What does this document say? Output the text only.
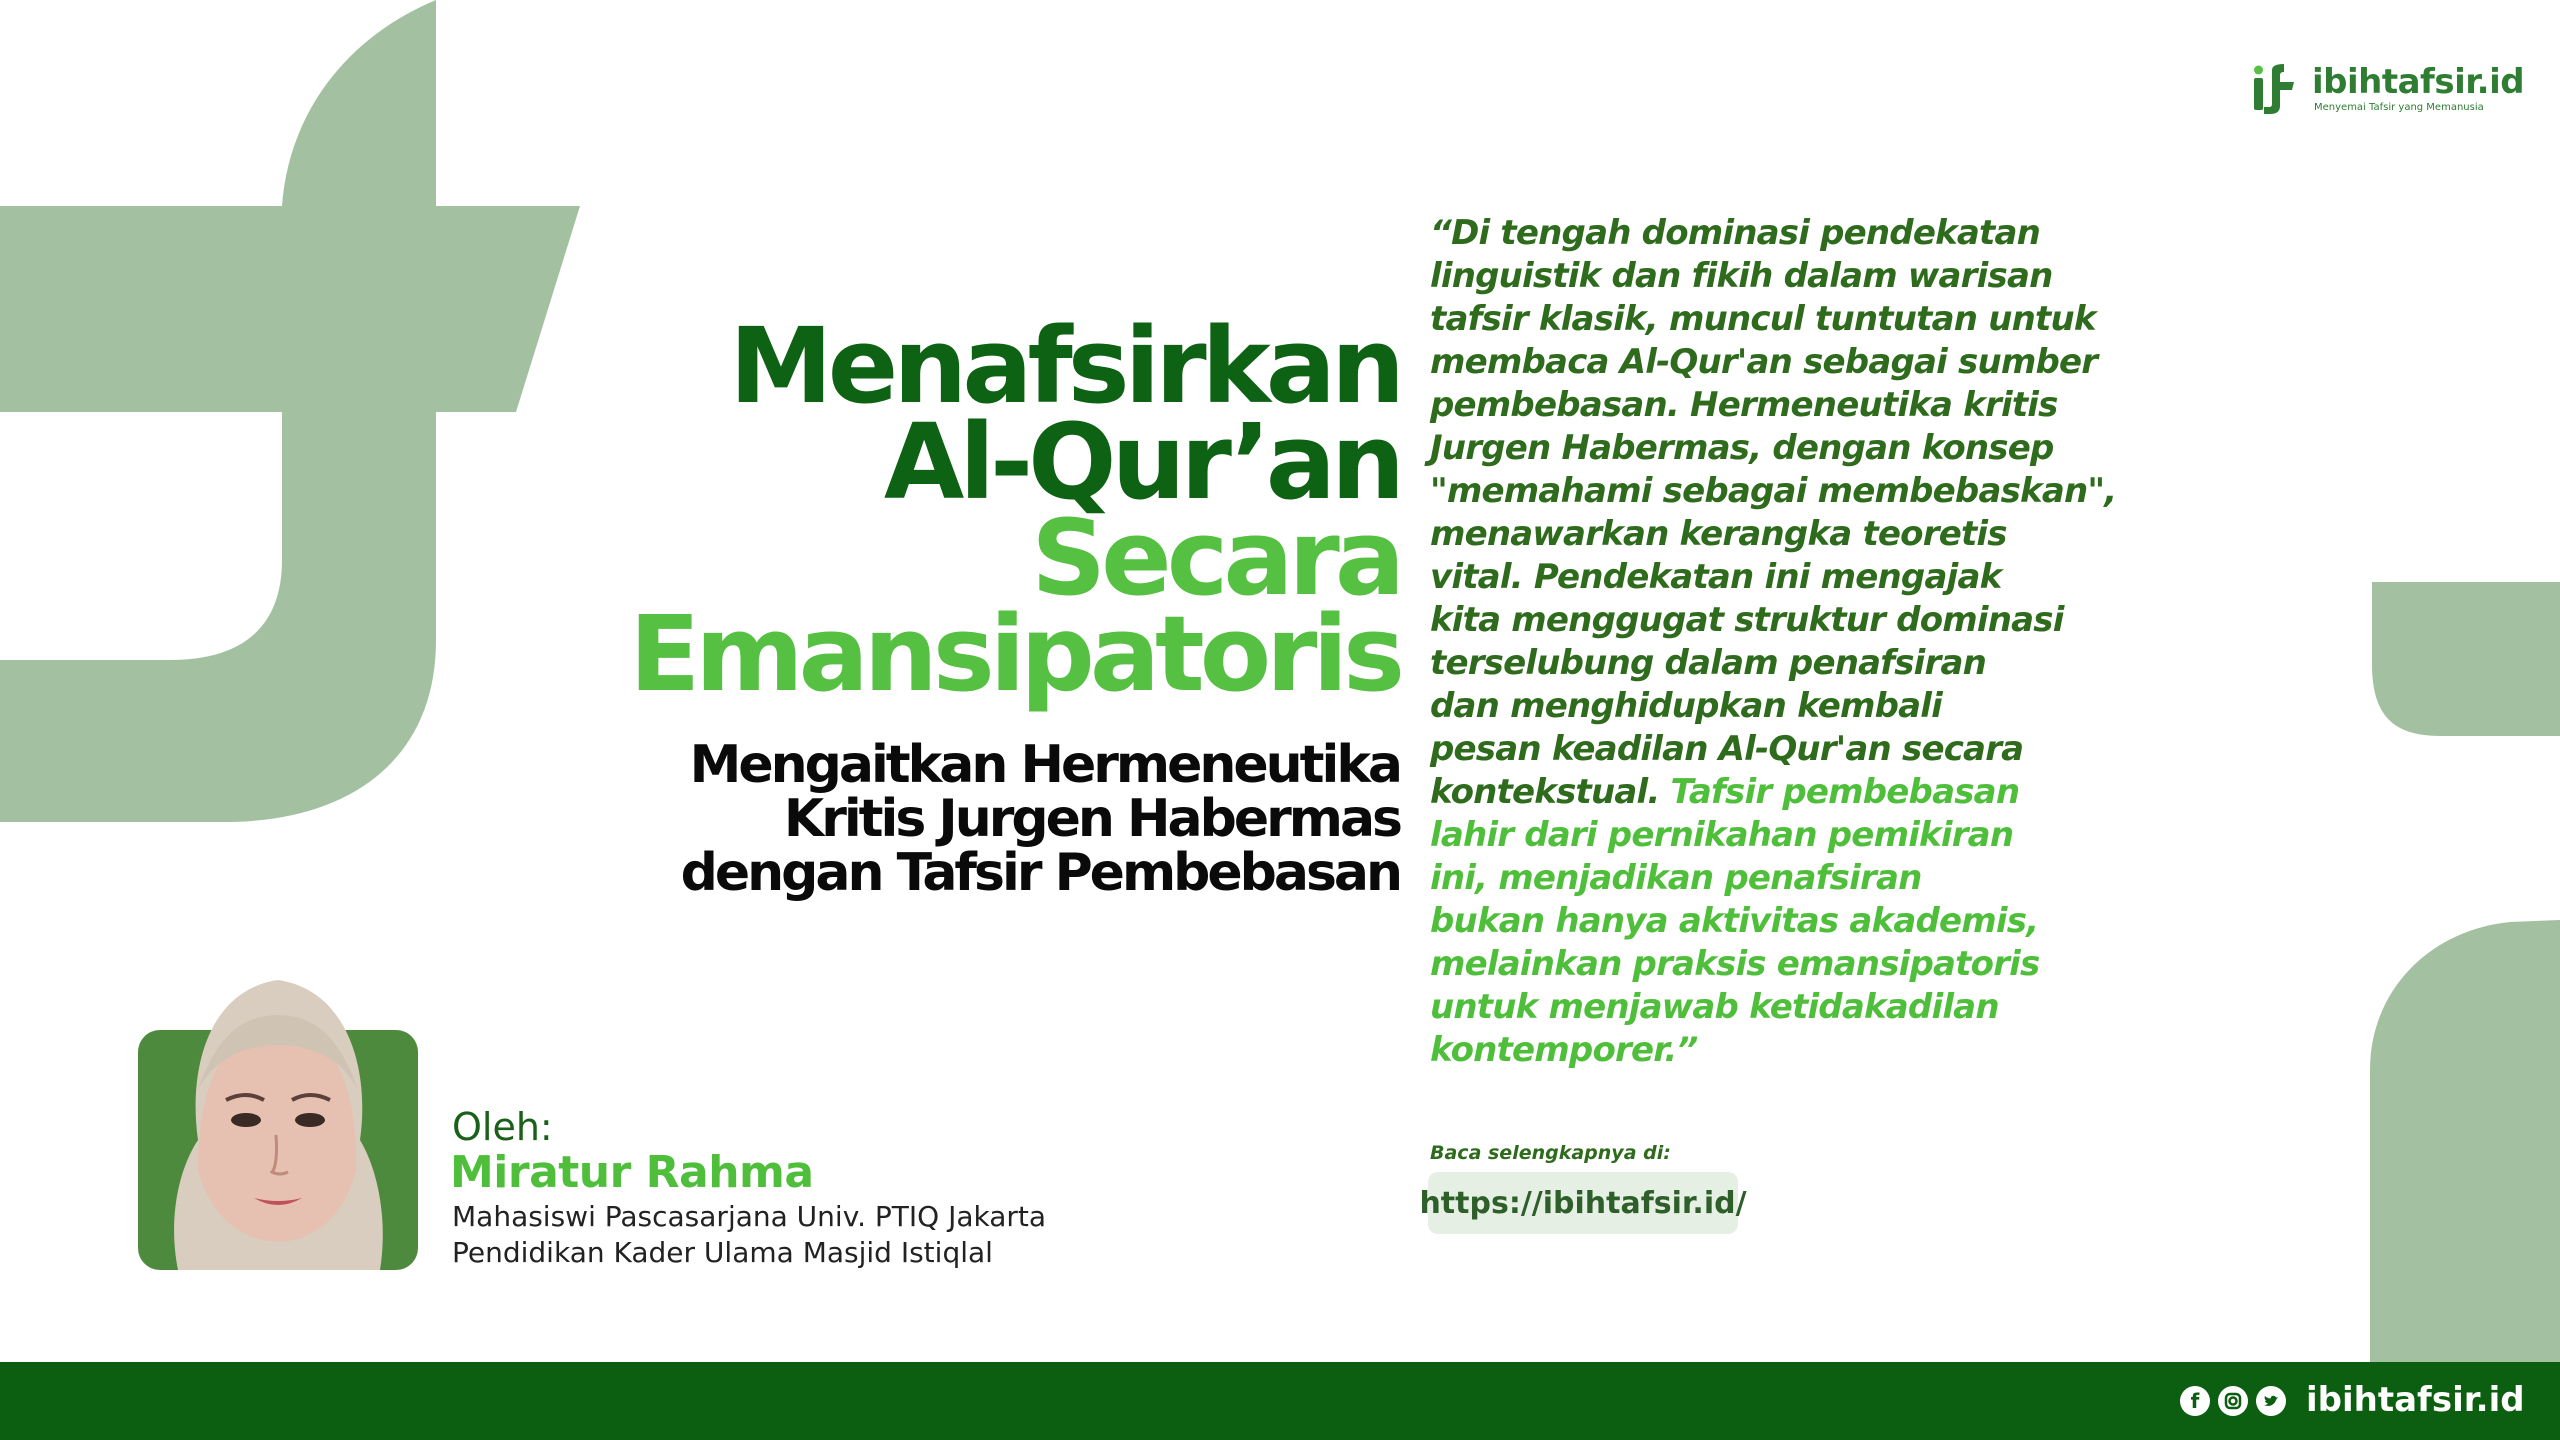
ibihtafsir.id
Menyemai Tafsir yang Memanusia
Menafsirkan
Al-Qur’an
Secara
Emansipatoris
Mengaitkan Hermeneutika
Kritis Jurgen Habermas
dengan Tafsir Pembebasan
“Di tengah dominasi pendekatan
linguistik dan fikih dalam warisan
tafsir klasik, muncul tuntutan untuk
membaca Al-Qur'an sebagai sumber
pembebasan. Hermeneutika kritis
Jurgen Habermas, dengan konsep
"memahami sebagai membebaskan",
menawarkan kerangka teoretis
vital. Pendekatan ini mengajak
kita menggugat struktur dominasi
terselubung dalam penafsiran
dan menghidupkan kembali
pesan keadilan Al-Qur'an secara
kontekstual. Tafsir pembebasan
lahir dari pernikahan pemikiran
ini, menjadikan penafsiran
bukan hanya aktivitas akademis,
melainkan praksis emansipatoris
untuk menjawab ketidakadilan
kontemporer.”
Baca selengkapnya di:
https://ibihtafsir.id/
Oleh:
Miratur Rahma
Mahasiswi Pascasarjana Univ. PTIQ Jakarta
Pendidikan Kader Ulama Masjid Istiqlal
f	ibihtafsir.id
